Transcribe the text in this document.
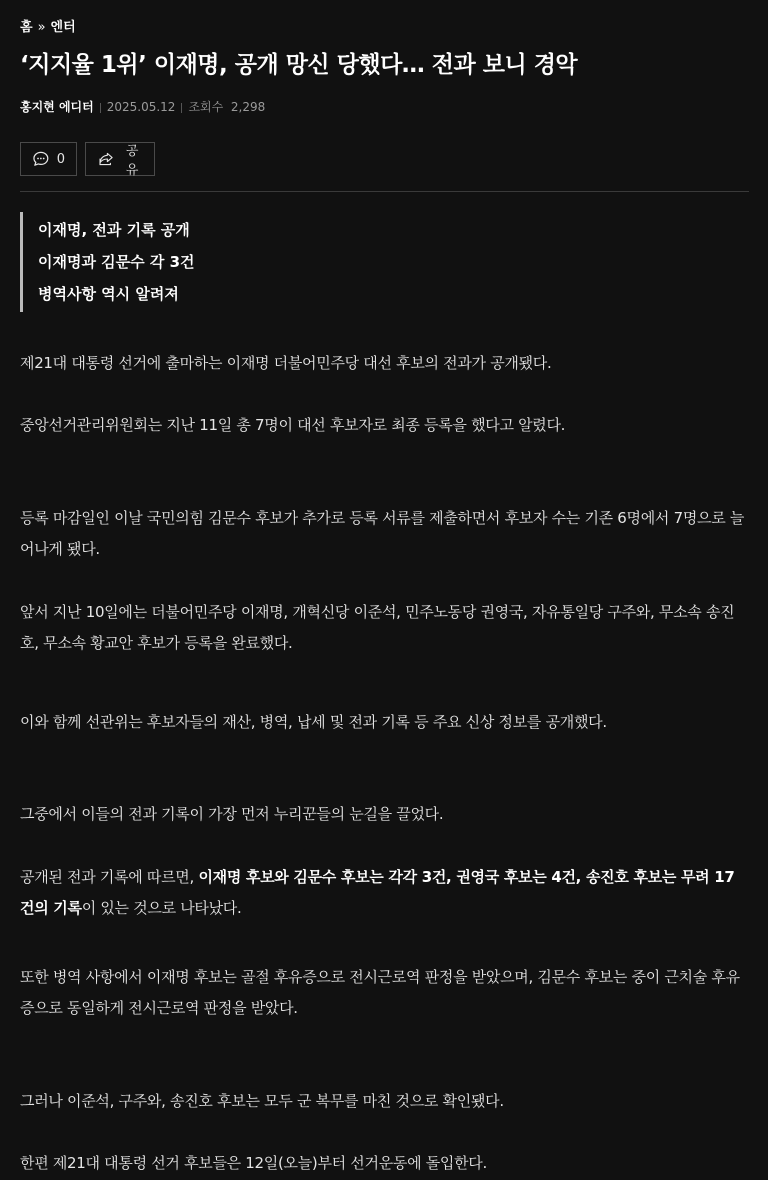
홈 » 엔터
‘지지율 1위’ 이재명, 공개 망신 당했다… 전과 보니 경악
홍지현 에디터 2025.05.12 조회수 2,298
0	공유
이재명, 전과 기록 공개
이재명과 김문수 각 3건
병역사항 역시 알려져

제21대 대통령 선거에 출마하는 이재명 더불어민주당 대선 후보의 전과가 공개됐다.

중앙선거관리위원회는 지난 11일 총 7명이 대선 후보자로 최종 등록을 했다고 알렸다.

등록 마감일인 이날 국민의힘 김문수 후보가 추가로 등록 서류를 제출하면서 후보자 수는 기존 6명에서 7명으로 늘어나게 됐다.

앞서 지난 10일에는 더불어민주당 이재명, 개혁신당 이준석, 민주노동당 권영국, 자유통일당 구주와, 무소속 송진호, 무소속 황교안 후보가 등록을 완료했다.

이와 함께 선관위는 후보자들의 재산, 병역, 납세 및 전과 기록 등 주요 신상 정보를 공개했다.

그중에서 이들의 전과 기록이 가장 먼저 누리꾼들의 눈길을 끌었다.

공개된 전과 기록에 따르면, 이재명 후보와 김문수 후보는 각각 3건, 권영국 후보는 4건, 송진호 후보는 무려 17건의 기록이 있는 것으로 나타났다.

또한 병역 사항에서 이재명 후보는 골절 후유증으로 전시근로역 판정을 받았으며, 김문수 후보는 중이 근치술 후유증으로 동일하게 전시근로역 판정을 받았다.

그러나 이준석, 구주와, 송진호 후보는 모두 군 복무를 마친 것으로 확인됐다.

한편 제21대 대통령 선거 후보들은 12일(오늘)부터 선거운동에 돌입한다.
